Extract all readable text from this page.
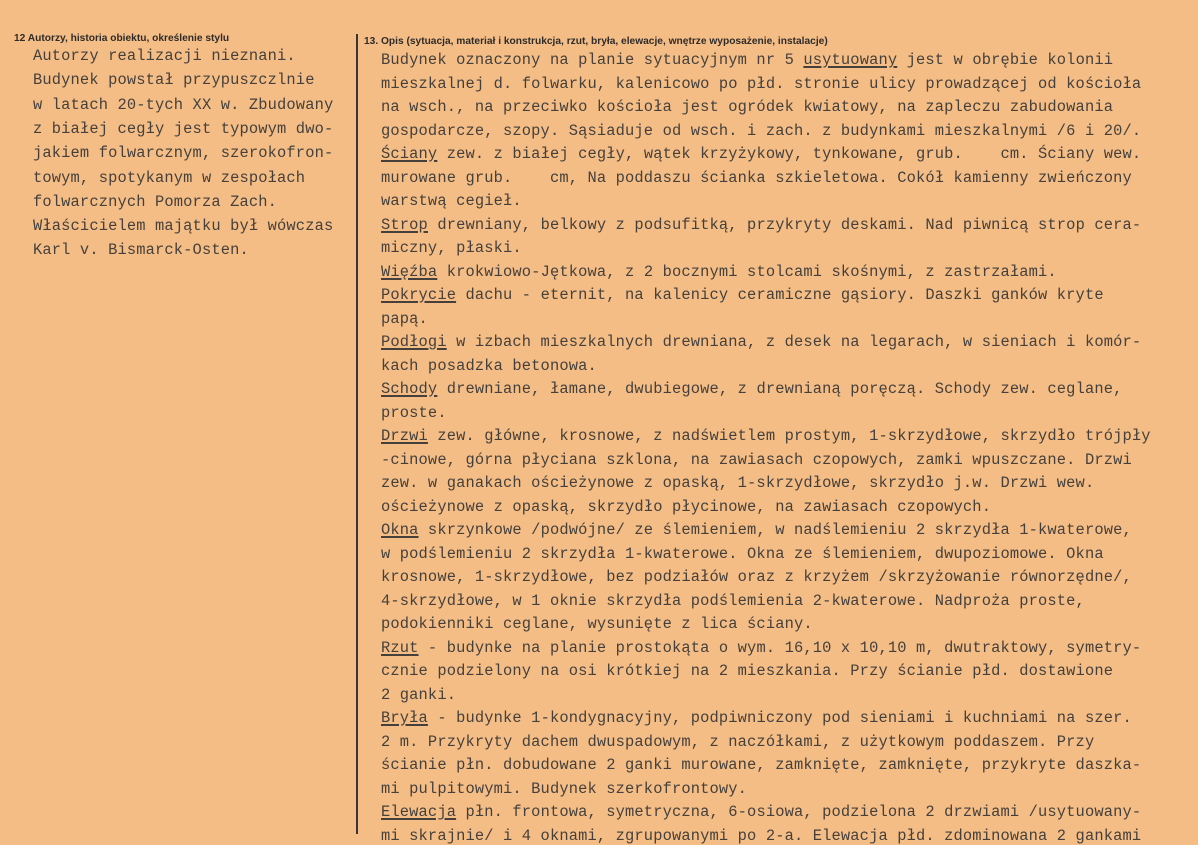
12 Autorzy, historia obiektu, określenie stylu
Autorzy realizacji nieznani.
Budynek powstał przypuszczlnie
w latach 20-tych XX w. Zbudowany
z białej cegły jest typowym dwo-
jakiem folwarcznym, szerokofron-
towym, spotykanym w zespołach
folwarcznych Pomorza Zach.
Właścicielem majątku był wówczas
Karl v. Bismarck-Osten.
13. Opis (sytuacja, materiał i konstrukcja, rzut, bryła, elewacje, wnętrze wyposażenie, instalacje)
Budynek oznaczony na planie sytuacyjnym nr 5 usytuowany jest w obrębie kolonii
mieszkalnej d. folwarku, kalenicowo po płd. stronie ulicy prowadzącej od kościoła
na wsch., na przeciwko kościoła jest ogródek kwiatowy, na zapleczu zabudowania
gospodarcze, szopy. Sąsiaduje od wsch. i zach. z budynkami mieszkalnymi /6 i 20/.
Ściany zew. z białej cegły, wątek krzyżykowy, tynkowane, grub.    cm. Ściany wew.
murowane grub.    cm, Na poddaszu ścianka szkieletowa. Cokół kamienny zwieńczony
warstwą cegieł.
Strop drewniany, belkowy z podsufitką, przykryty deskami. Nad piwnicą strop cera-
miczny, płaski.
Więźba krokwiowo-Jętkowa, z 2 bocznymi stolcami skośnymi, z zastrzałami.
Pokrycie dachu - eternit, na kalenicy ceramiczne gąsiory. Daszki ganków kryte
papą.
Podłogi w izbach mieszkalnych drewniana, z desek na legarach, w sieniach i komór-
kach posadzka betonowa.
Schody drewniane, łamane, dwubiegowe, z drewnianą poręczą. Schody zew. ceglane,
proste.
Drzwi zew. główne, krosnowe, z nadświetlem prostym, 1-skrzydłowe, skrzydło trójpły
-cinowe, górna płyciana szklona, na zawiasach czopowych, zamki wpuszczane. Drzwi
zew. w ganakach ościeżynowe z opaską, 1-skrzydłowe, skrzydło j.w. Drzwi wew.
ościeżynowe z opaską, skrzydło płycinowe, na zawiasach czopowych.
Okna skrzynkowe /podwójne/ ze ślemieniem, w nadślemieniu 2 skrzydła 1-kwaterowe,
w podślemieniu 2 skrzydła 1-kwaterowe. Okna ze ślemieniem, dwupoziomowe. Okna
krosnowe, 1-skrzydłowe, bez podziałów oraz z krzyżem /skrzyżowanie równorzędne/,
4-skrzydłowe, w 1 oknie skrzydła podślemienia 2-kwaterowe. Nadproża proste,
podokienniki ceglane, wysunięte z lica ściany.
Rzut - budynke na planie prostokąta o wym. 16,10 x 10,10 m, dwutraktowy, symetry-
cznie podzielony na osi krótkiej na 2 mieszkania. Przy ścianie płd. dostawione
2 ganki.
Bryła - budynke 1-kondygnacyjny, podpiwniczony pod sieniami i kuchniami na szer.
2 m. Przykryty dachem dwuspadowym, z naczółkami, z użytkowym poddaszem. Przy
ścianie płn. dobudowane 2 ganki murowane, zamknięte, zamknięte, przykryte daszka-
mi pulpitowymi. Budynek szerkofrontowy.
Elewacja płn. frontowa, symetryczna, 6-osiowa, podzielona 2 drzwiami /usytuowany-
mi skrajnie/ i 4 oknami, zgrupowanymi po 2-a. Elewacja płd. zdominowana 2 gankami
